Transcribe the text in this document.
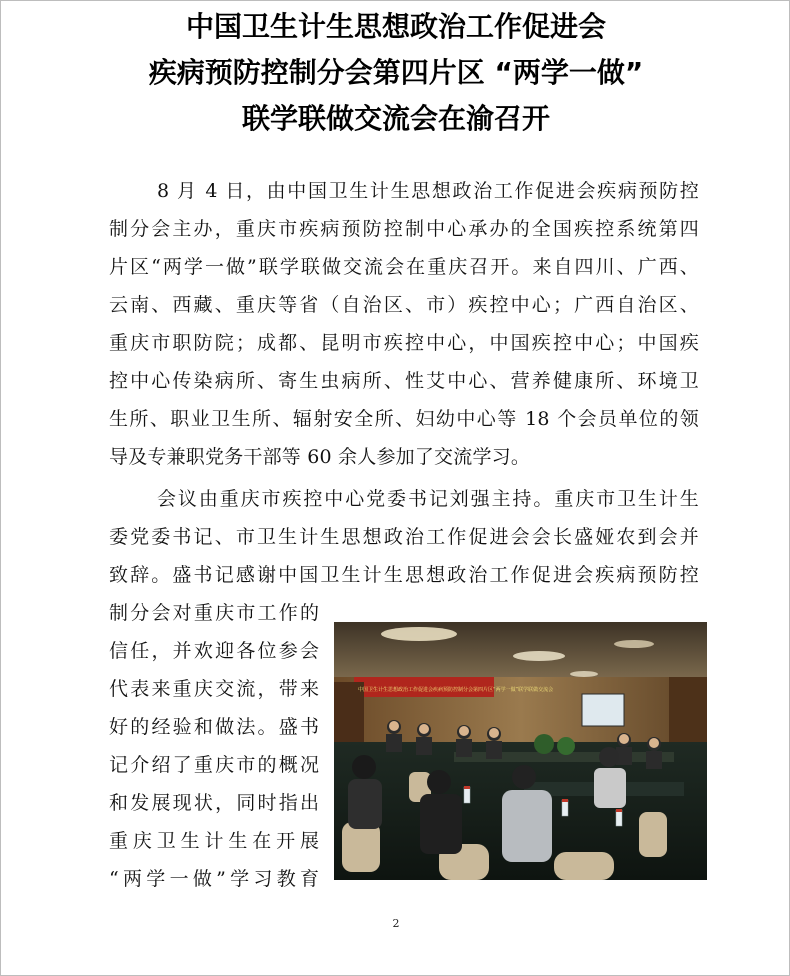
中国卫生计生思想政治工作促进会
疾病预防控制分会第四片区 “两学一做”
联学联做交流会在渝召开
8 月 4 日，由中国卫生计生思想政治工作促进会疾病预防控
制分会主办，重庆市疾病预防控制中心承办的全国疾控系统第四
片区“两学一做”联学联做交流会在重庆召开。来自四川、广西、
云南、西藏、重庆等省（自治区、市）疾控中心；广西自治区、
重庆市职防院；成都、昆明市疾控中心，中国疾控中心；中国疾
控中心传染病所、寄生虫病所、性艾中心、营养健康所、环境卫
生所、职业卫生所、辐射安全所、妇幼中心等 18 个会员单位的领
导及专兼职党务干部等 60 余人参加了交流学习。
会议由重庆市疾控中心党委书记刘强主持。重庆市卫生计生
委党委书记、市卫生计生思想政治工作促进会会长盛娅农到会并
致辞。盛书记感谢中国卫生计生思想政治工作促进会疾病预防控
制分会对重庆市工作的
信任，并欢迎各位参会
代表来重庆交流，带来
好的经验和做法。盛书
记介绍了重庆市的概况
和发展现状，同时指出
重庆卫生计生在开展
“两学一做”学习教育
中国卫生计生思想政治工作促进会疾病预防控制分会第四片区“两学一做”联学联做交流会
2
